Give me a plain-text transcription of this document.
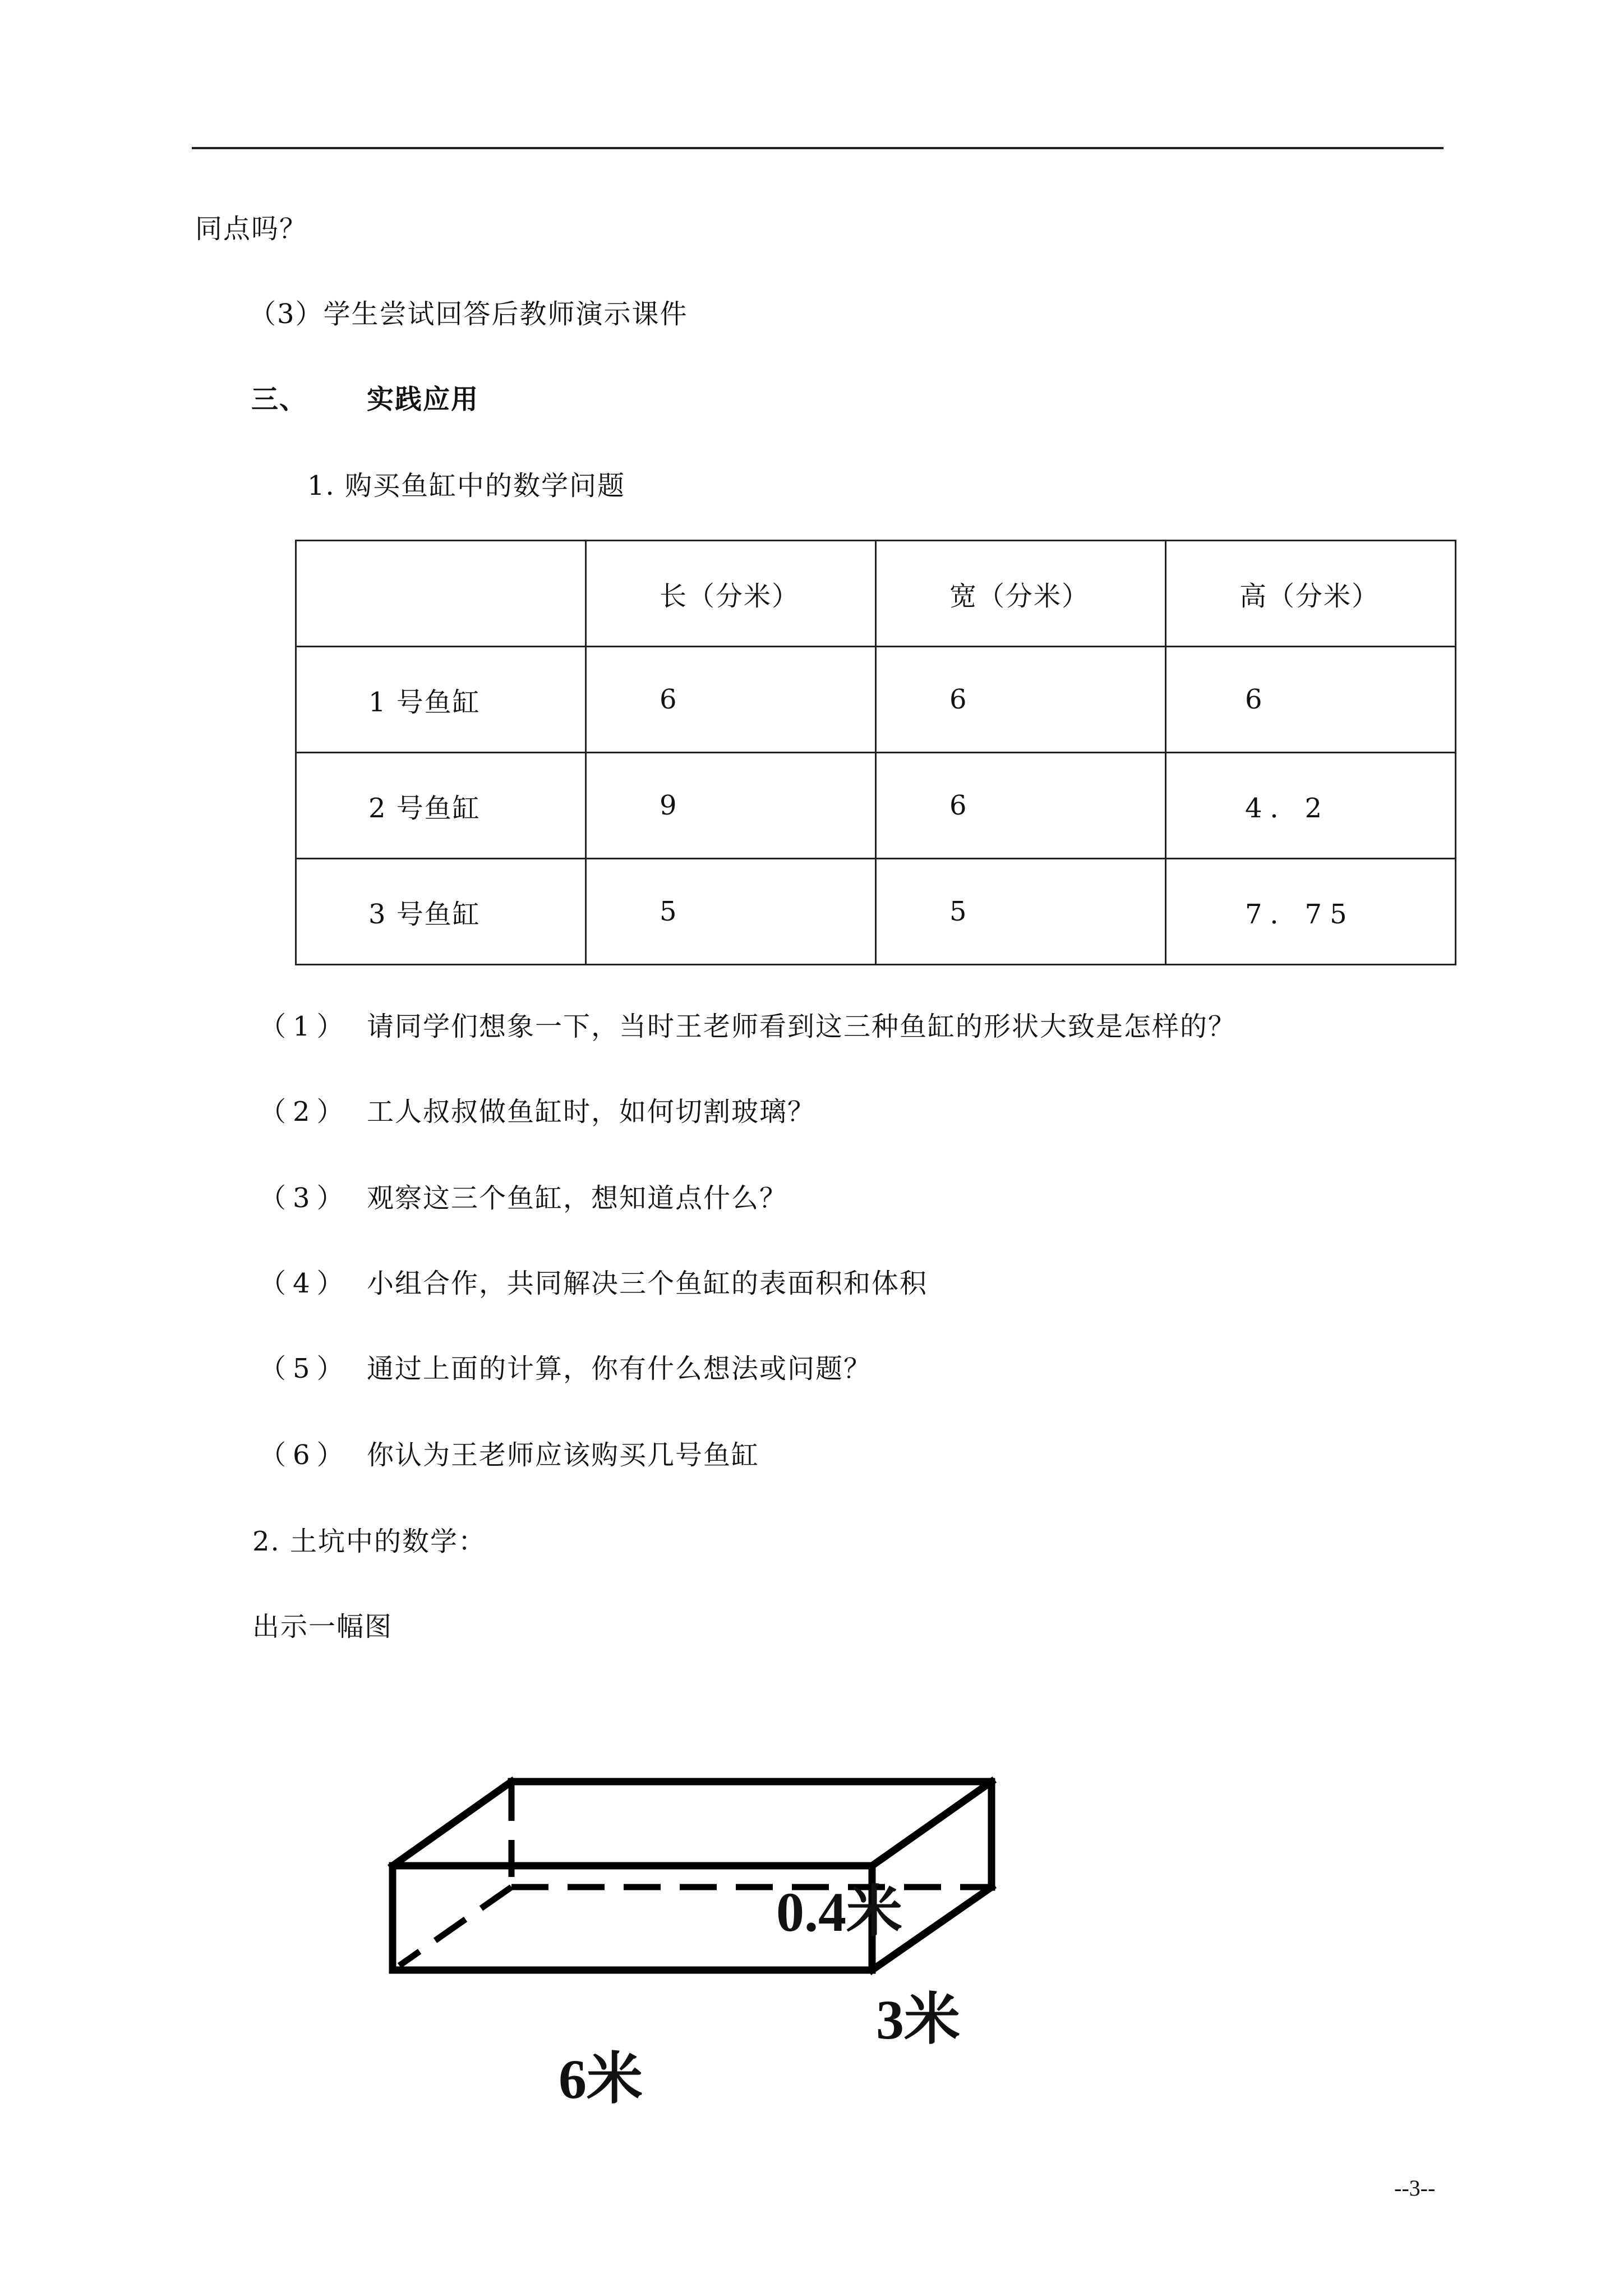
同点吗？
（3）学生尝试回答后教师演示课件
三、 实践应用
1. 购买鱼缸中的数学问题
	长（分米）	宽（分米）	高（分米）
1 号鱼缸	6	6	6
2 号鱼缸	9	6	4．2
3 号鱼缸	5	5	7．75
（1） 请同学们想象一下，当时王老师看到这三种鱼缸的形状大致是怎样的？
（2） 工人叔叔做鱼缸时，如何切割玻璃？
（3） 观察这三个鱼缸，想知道点什么？
（4） 小组合作，共同解决三个鱼缸的表面积和体积
（5） 通过上面的计算，你有什么想法或问题？
（6） 你认为王老师应该购买几号鱼缸
2. 土坑中的数学：
出示一幅图
0.4米
3米
6米
--3--
